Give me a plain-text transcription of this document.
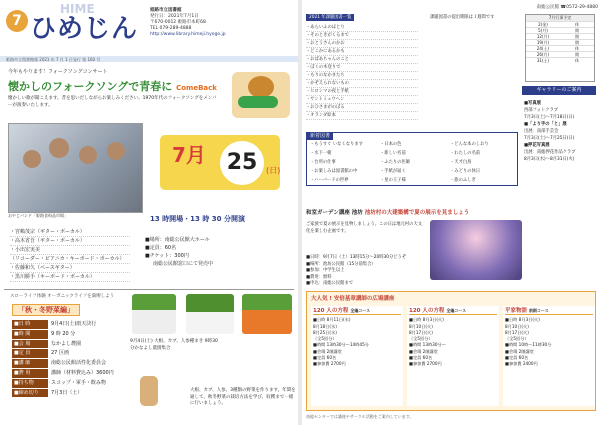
7
HIME
ひめじん
姫路市立図書館
発行日：2021年7月1日
〒670-0012 姫路市本町68
TEL 079-289-4888
http://www.library.himeji.hyogo.jp
姫路市立図書館報 2021 年 7 月 1 日発行 第 160 号
今年もやります！フォークソングコンサート
懐かしのフォークソングで青春に ComeBack
懐かしい歌が聞こえます。昔を思いだしながらお楽しみください。1970年代のフォークソングをメンバーが演奏いたします。
おやじバンド「姫路食料品市場」
7月 25	(日)
13 時開場・13 時 30 分開演
・宮嶋茂宗（ギター・ボーカル）
・高木省吾（ギター・ボーカル）
・小出宏実美
（リコーダー・ピアニカ・キーボード・ボーカル）
・佐藤和久（ベースギター）
・黒川勝手（キーボード・ボーカル）
■場所：南総公民館大ホール
■定員：60名
■チケット：300円
南総公民館窓口にて発売中
スローライフ体験 オーガニックライフを満喫しよう
「秋・冬野菜編」
■日 時	9月4日(土)雨天決行
■時 間	9 時 20 分
■会 場	なかよし農園
■定 員	27 区画
■講 師	南総公民館活性化委員会
■費 用	講師（材料費込み）3600円
■持ち物	スコップ・軍手・飲み物
■締め切り	7月3日（土）
9月4日(土) 大根、カブ、人参種まき 9時30分かなよし農園集合
大根、カブ、人参、3種類の野菜を作ります。年間を通して、秋冬野菜の栽培方法を学び、収穫まで一緒に行いましょう。
南総公民館 ☎0572-29-4880
2021 年課題図書一覧
・あらいふのほとり
・そのときがくるまで
・おとうさんのかお
・どこかにあるかも
・おばあちゃんのこと
・ぼくの木登りで
・もりのなかまたち
・かぞえられないもの
・ヒロシマの夜と手紙
・サントミュウヘン
・おひさまがのぼる
・オランダ絵本
課題図書の提出期限は１週間です	7月行事予定
2(金)	休
5(月)	開
12(月)	開
19(月)	開
24(土)	休
26(月)	開
31(土)	休
ギャラリーのご案内
■写真展
西部フォトクラブ
7月3日(土)～7月18日(日)
■「より手の「と」展
出展：南部手芸会
7月3日(土)～7月25日(日)
■押花写真展
出展：南総押花作品クラブ
8月3日(水)～8月31日(火)
新着図書
・もうすぐ いなくなります	・日本の色	・どんな本のしおり
・水下一朝	・新しい名前	・わたしの名前
・台所の仕事	・ふたりの医師	・天才白鳥
・お楽しみは図書館の中	・手紙が届く	・みどりの休日
・ハーバードの世界	・星の王子様	・旅のふしぎ
和室ガーデン講座 池坊 池坊村の大建築構で夏の展示を見ましょう
ご家族で夏の展示を見物しましょう。この日は地元村の大文化を楽しむ企画です。
■日時：9月7日（土）13時15分～20時30分どうぞ
■場所：池坊公民館（15分前集合）
■参加：中学生以上
■費用：無料
■申込：南総公民館まで
大人気 ! 安倍基章講師の広場講座
120 人の方程 全編コース
■日時 8月11日(水)
8月18日(水)
8月25日(水)
（全5回分）
■時間 13時30分～14時45分
■会場 2階講堂
■定員 60名
■参加費 2700円
120 人の方程 全編コース
■日時 8月3日(火)
8月10日(火)
8月17日(火)
（全5回分）
■時間 13時30分～
■会場 2階講堂
■定員 60名
■参加費 2700円
平家物語 前期コース
■日時 8月3日(火)
8月10日(火)
8月17日(火)
（全5回分）
■時間 10時～11時30分
■会場 2階講堂
■定員 60名
■参加費 2400円
南総センターでは講座やサークル活動をご案内しています。
